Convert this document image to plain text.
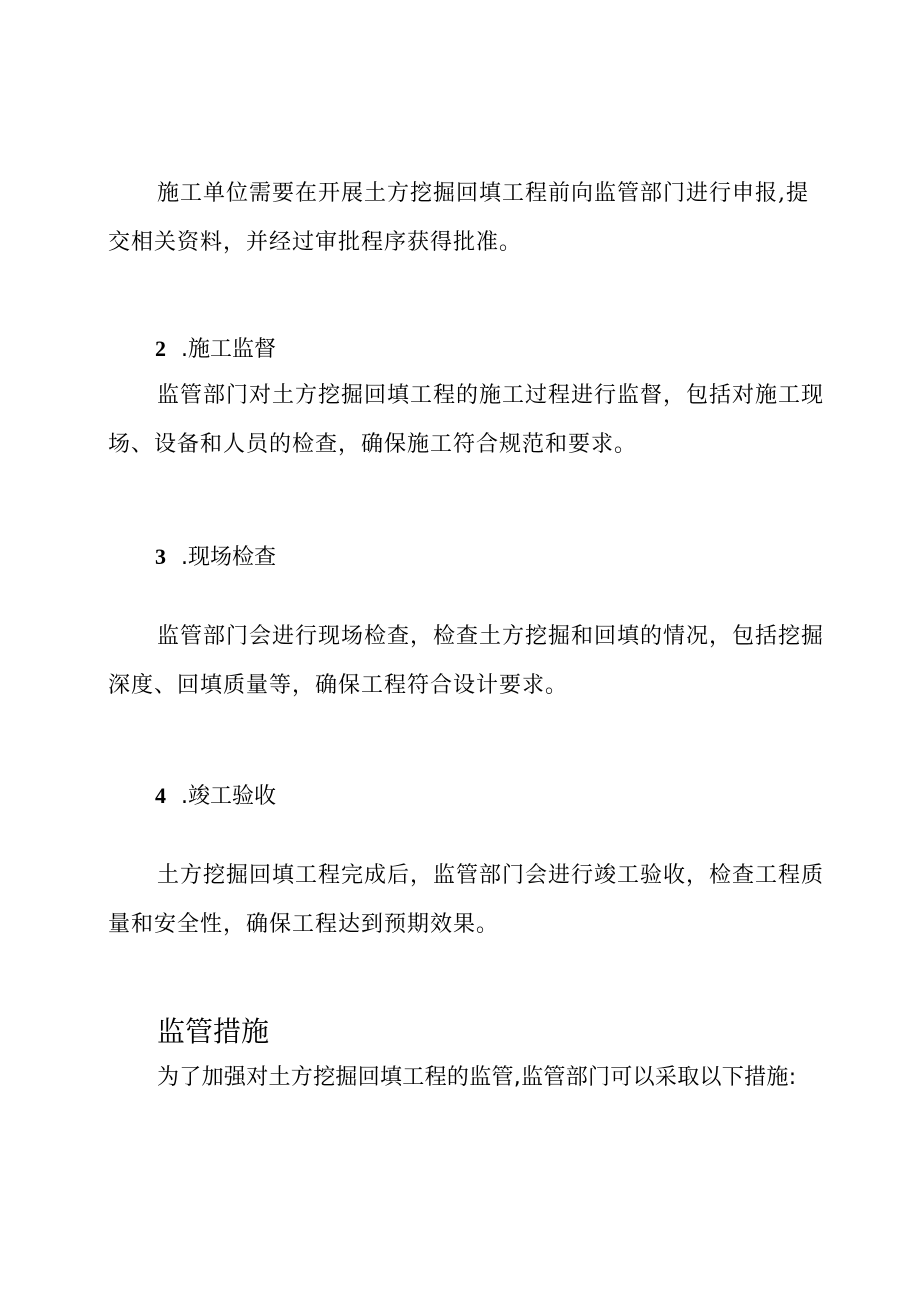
施工单位需要在开展土方挖掘回填工程前向监管部门进行申报,提
交相关资料，并经过审批程序获得批准。
2 .施工监督
监管部门对土方挖掘回填工程的施工过程进行监督，包括对施工现
场、设备和人员的检查，确保施工符合规范和要求。
3 .现场检查
监管部门会进行现场检查，检查土方挖掘和回填的情况，包括挖掘
深度、回填质量等，确保工程符合设计要求。
4 .竣工验收
土方挖掘回填工程完成后，监管部门会进行竣工验收，检查工程质
量和安全性，确保工程达到预期效果。
监管措施
为了加强对土方挖掘回填工程的监管,监管部门可以采取以下措施:
